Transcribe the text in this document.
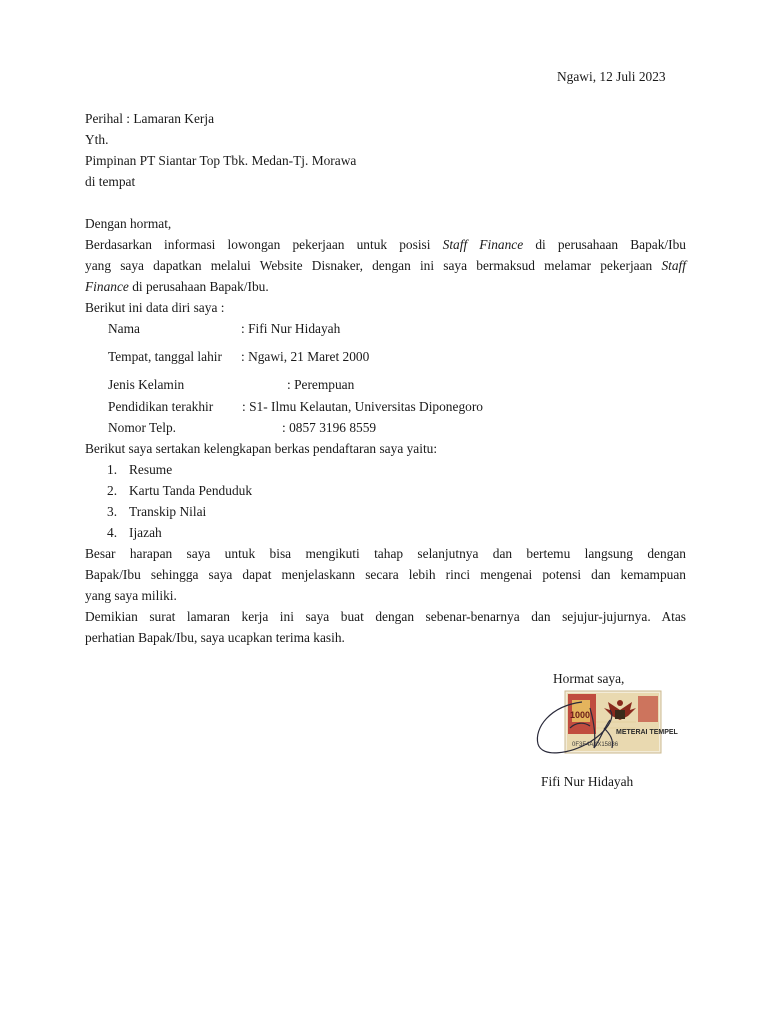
Ngawi, 12 Juli 2023
Perihal : Lamaran Kerja
Yth.
Pimpinan PT Siantar Top Tbk. Medan-Tj. Morawa
di tempat
Dengan hormat,
Berdasarkan informasi lowongan pekerjaan untuk posisi Staff Finance di perusahaan Bapak/Ibu
yang saya dapatkan melalui Website Disnaker, dengan ini saya bermaksud melamar pekerjaan Staff
Finance di perusahaan Bapak/Ibu.
Berikut ini data diri saya :
Nama	: Fifi Nur Hidayah
Tempat, tanggal lahir : Ngawi, 21 Maret 2000
Jenis Kelamin	: Perempuan
Pendidikan terakhir : S1- Ilmu Kelautan, Universitas Diponegoro
Nomor Telp.	: 0857 3196 8559
Berikut saya sertakan kelengkapan berkas pendaftaran saya yaitu:
1. Resume
2. Kartu Tanda Penduduk
3. Transkip Nilai
4. Ijazah
Besar harapan saya untuk bisa mengikuti tahap selanjutnya dan bertemu langsung dengan
Bapak/Ibu sehingga saya dapat menjelaskann secara lebih rinci mengenai potensi dan kemampuan
yang saya miliki.
Demikian surat lamaran kerja ini saya buat dengan sebenar-benarnya dan sejujur-jujurnya. Atas
perhatian Bapak/Ibu, saya ucapkan terima kasih.
Hormat saya,
1000
METERAI TEMPEL
0F3F4AKX15886
Fifi Nur Hidayah
